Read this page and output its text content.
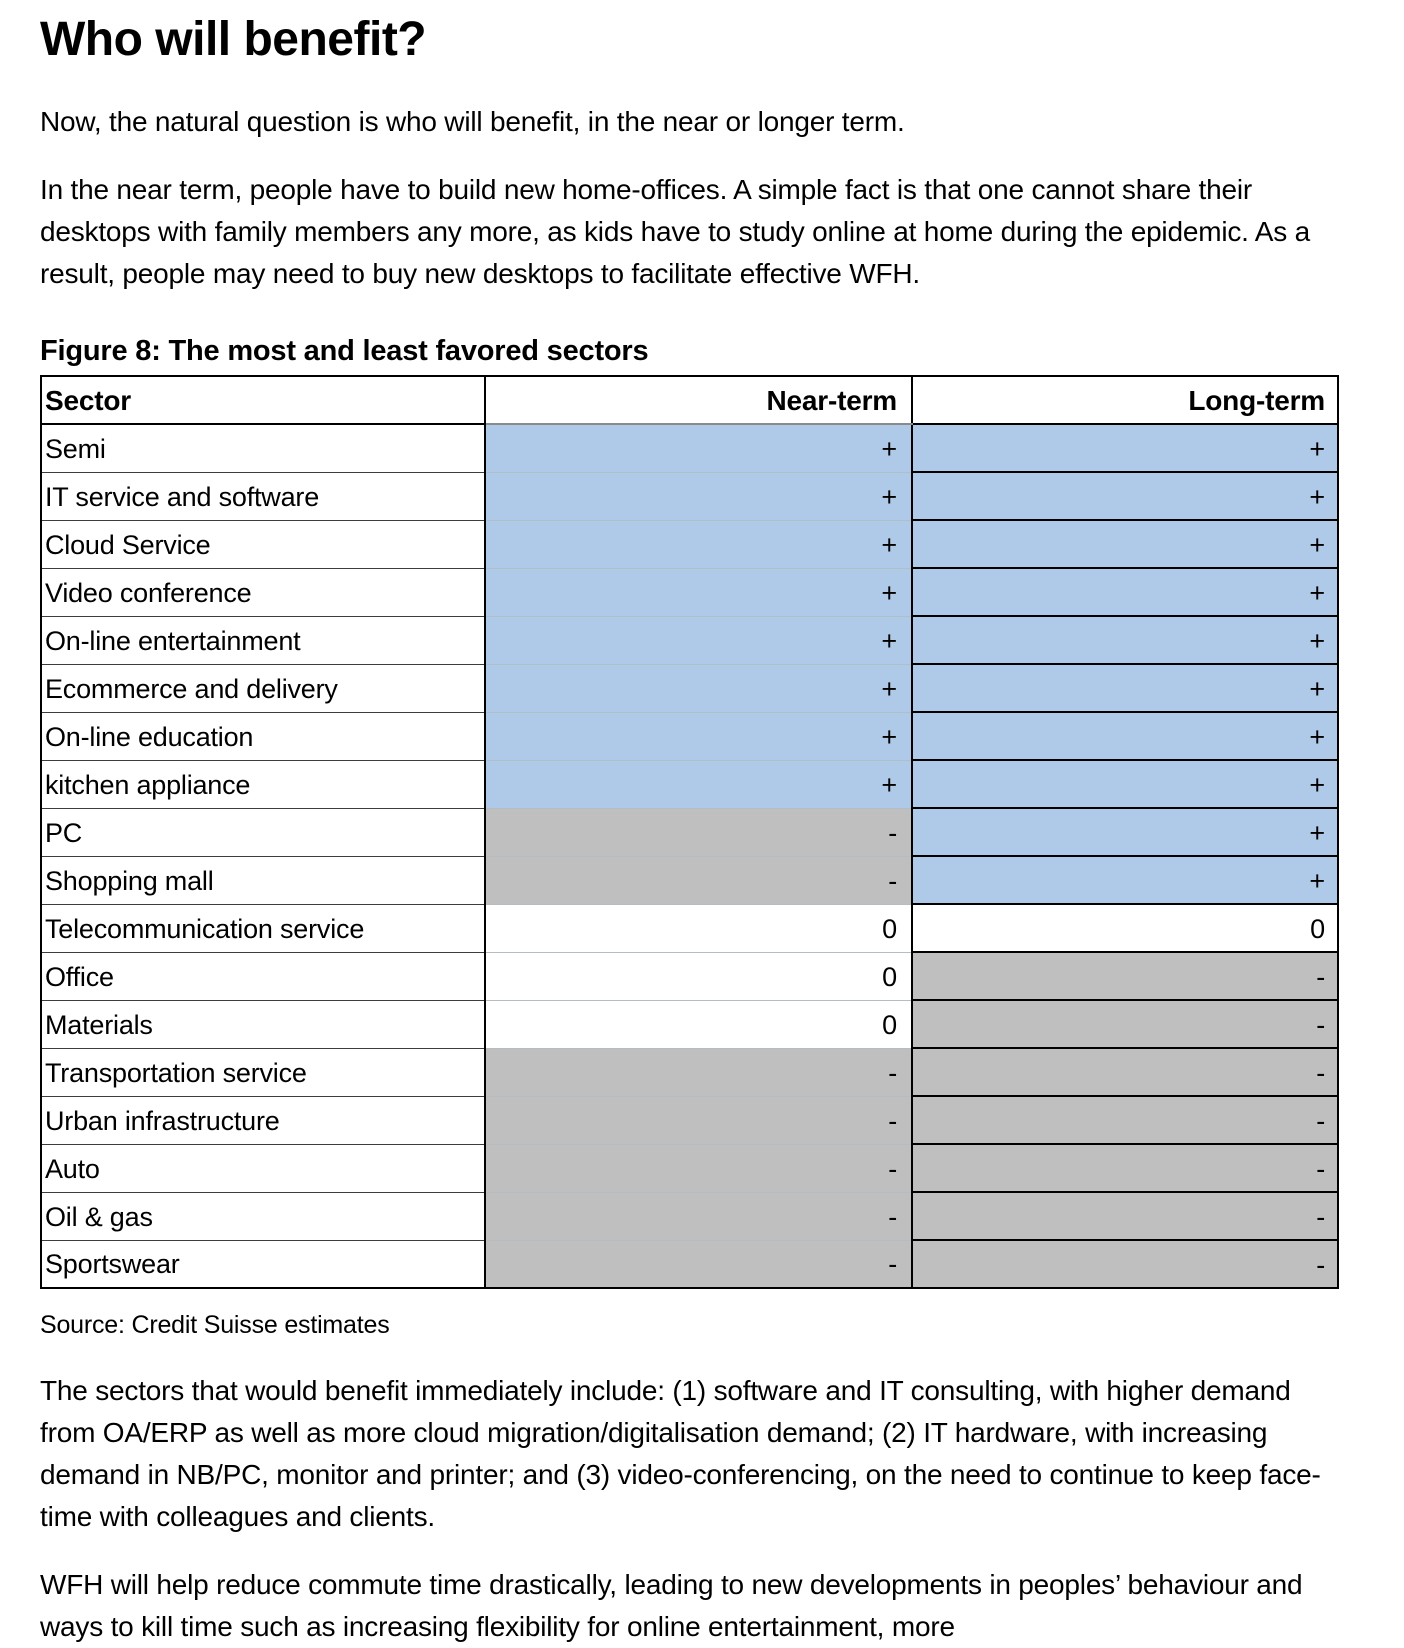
Who will benefit?

Now, the natural question is who will benefit, in the near or longer term.

In the near term, people have to build new home-offices. A simple fact is that one cannot share their desktops with family members any more, as kids have to study online at home during the epidemic. As a result, people may need to buy new desktops to facilitate effective WFH.

Figure 8: The most and least favored sectors
Sector	Near-term	Long-term
Semi	+	+
IT service and software	+	+
Cloud Service	+	+
Video conference	+	+
On-line entertainment	+	+
Ecommerce and delivery	+	+
On-line education	+	+
kitchen appliance	+	+
PC	-	+
Shopping mall	-	+
Telecommunication service	0	0
Office	0	-
Materials	0	-
Transportation service	-	-
Urban infrastructure	-	-
Auto	-	-
Oil & gas	-	-
Sportswear	-	-

Source: Credit Suisse estimates

The sectors that would benefit immediately include: (1) software and IT consulting, with higher demand from OA/ERP as well as more cloud migration/digitalisation demand; (2) IT hardware, with increasing demand in NB/PC, monitor and printer; and (3) video-conferencing, on the need to continue to keep face-time with colleagues and clients.

WFH will help reduce commute time drastically, leading to new developments in peoples’ behaviour and ways to kill time such as increasing flexibility for online entertainment, more
